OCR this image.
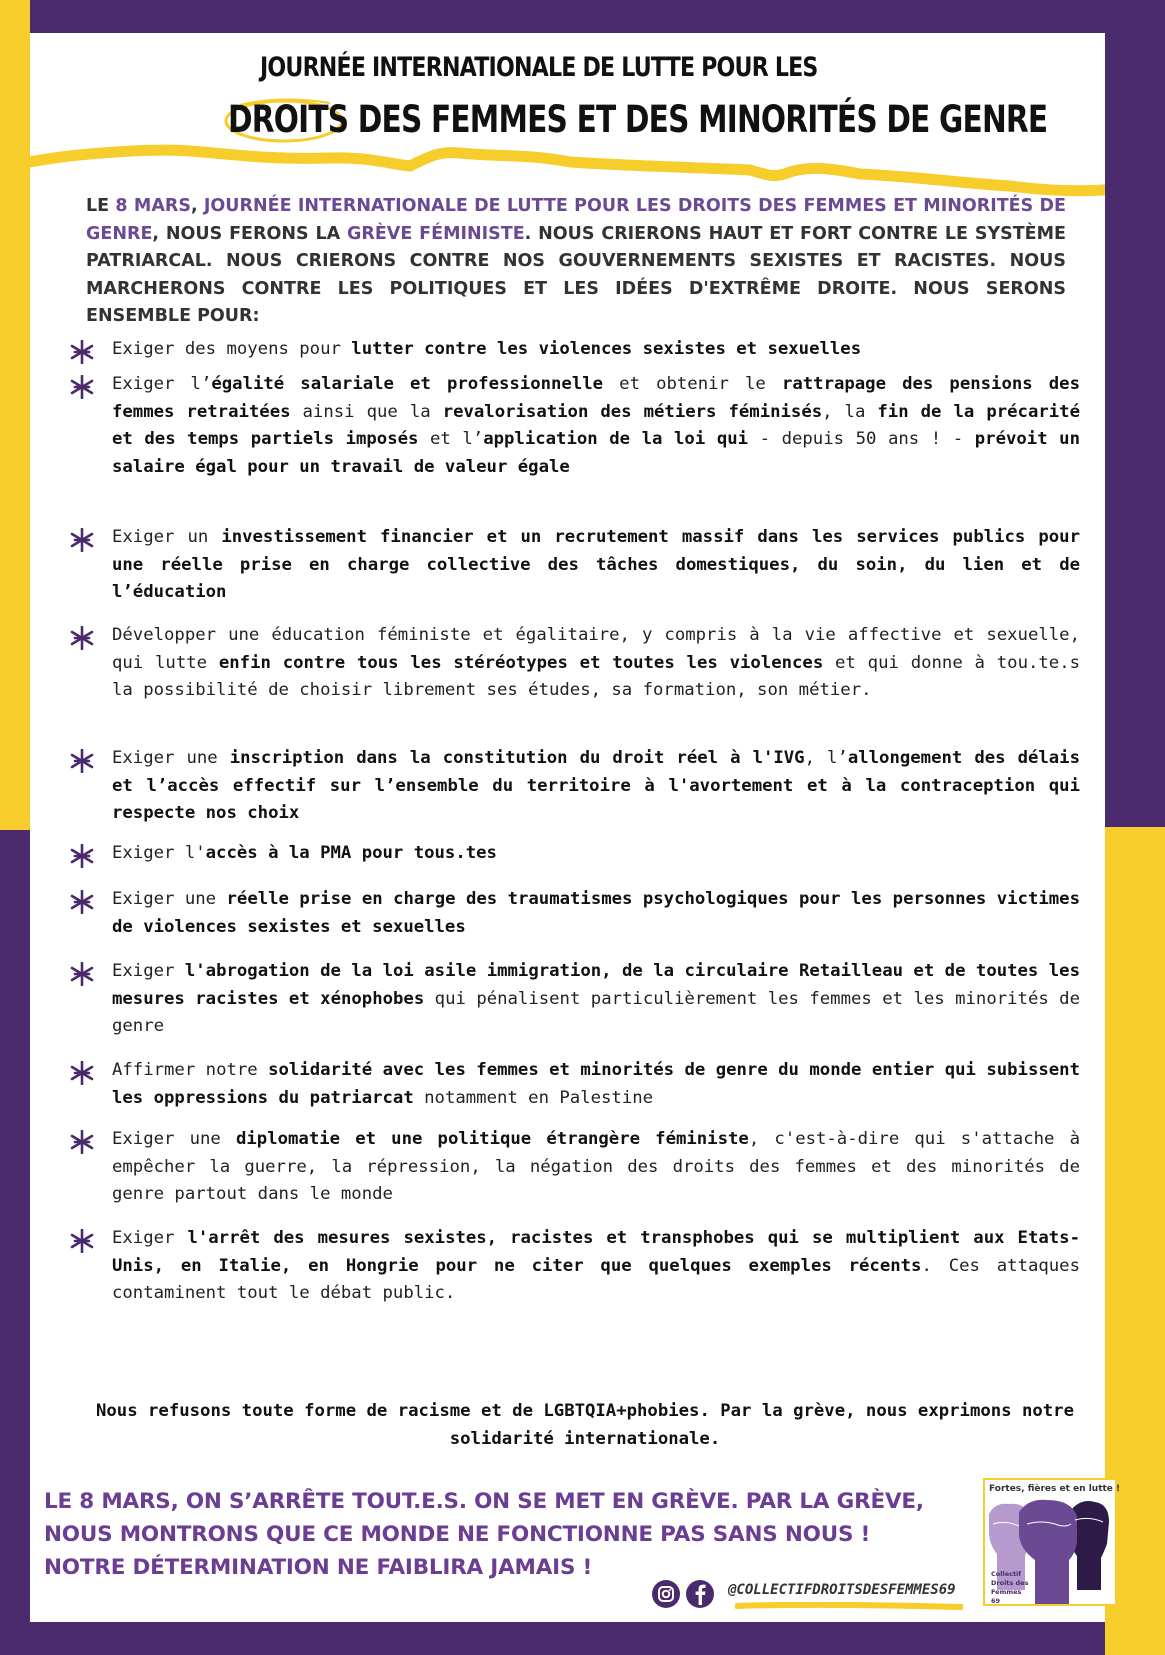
JOURNÉE INTERNATIONALE DE LUTTE POUR LES
DROITS DES FEMMES ET DES MINORITÉS DE GENRE
LE 8 MARS, JOURNÉE INTERNATIONALE DE LUTTE POUR LES DROITS DES FEMMES ET MINORITÉS DE GENRE, NOUS FERONS LA GRÈVE FÉMINISTE. NOUS CRIERONS HAUT ET FORT CONTRE LE SYSTÈME PATRIARCAL. NOUS CRIERONS CONTRE NOS GOUVERNEMENTS SEXISTES ET RACISTES. NOUS MARCHERONS CONTRE LES POLITIQUES ET LES IDÉES D'EXTRÊME DROITE. NOUS SERONS ENSEMBLE POUR:
Exiger des moyens pour lutter contre les violences sexistes et sexuelles
Exiger l’égalité salariale et professionnelle et obtenir le rattrapage des pensions des femmes retraitées ainsi que la revalorisation des métiers féminisés, la fin de la précarité et des temps partiels imposés et l’application de la loi qui - depuis 50 ans ! - prévoit un salaire égal pour un travail de valeur égale
Exiger un investissement financier et un recrutement massif dans les services publics pour une réelle prise en charge collective des tâches domestiques, du soin, du lien et de l’éducation
Développer une éducation féministe et égalitaire, y compris à la vie affective et sexuelle, qui lutte enfin contre tous les stéréotypes et toutes les violences et qui donne à tou.te.s la possibilité de choisir librement ses études, sa formation, son métier.
Exiger une inscription dans la constitution du droit réel à l'IVG, l’allongement des délais et l’accès effectif sur l’ensemble du territoire à l'avortement et à la contraception qui respecte nos choix
Exiger l'accès à la PMA pour tous.tes
Exiger une réelle prise en charge des traumatismes psychologiques pour les personnes victimes de violences sexistes et sexuelles
Exiger l'abrogation de la loi asile immigration, de la circulaire Retailleau et de toutes les mesures racistes et xénophobes qui pénalisent particulièrement les femmes et les minorités de genre
Affirmer notre solidarité avec les femmes et minorités de genre du monde entier qui subissent les oppressions du patriarcat notamment en Palestine
Exiger une diplomatie et une politique étrangère féministe, c'est-à-dire qui s'attache à empêcher la guerre, la répression, la négation des droits des femmes et des minorités de genre partout dans le monde
Exiger l'arrêt des mesures sexistes, racistes et transphobes qui se multiplient aux Etats-Unis, en Italie, en Hongrie pour ne citer que quelques exemples récents. Ces attaques contaminent tout le débat public.
Nous refusons toute forme de racisme et de LGBTQIA+phobies. Par la grève, nous exprimons notre solidarité internationale.
LE 8 MARS, ON S’ARRÊTE TOUT.E.S. ON SE MET EN GRÈVE. PAR LA GRÈVE,
NOUS MONTRONS QUE CE MONDE NE FONCTIONNE PAS SANS NOUS !
NOTRE DÉTERMINATION NE FAIBLIRA JAMAIS !
@COLLECTIFDROITSDESFEMMES69
Fortes, fières et en lutte !
Collectif
Droits des
Femmes 69
